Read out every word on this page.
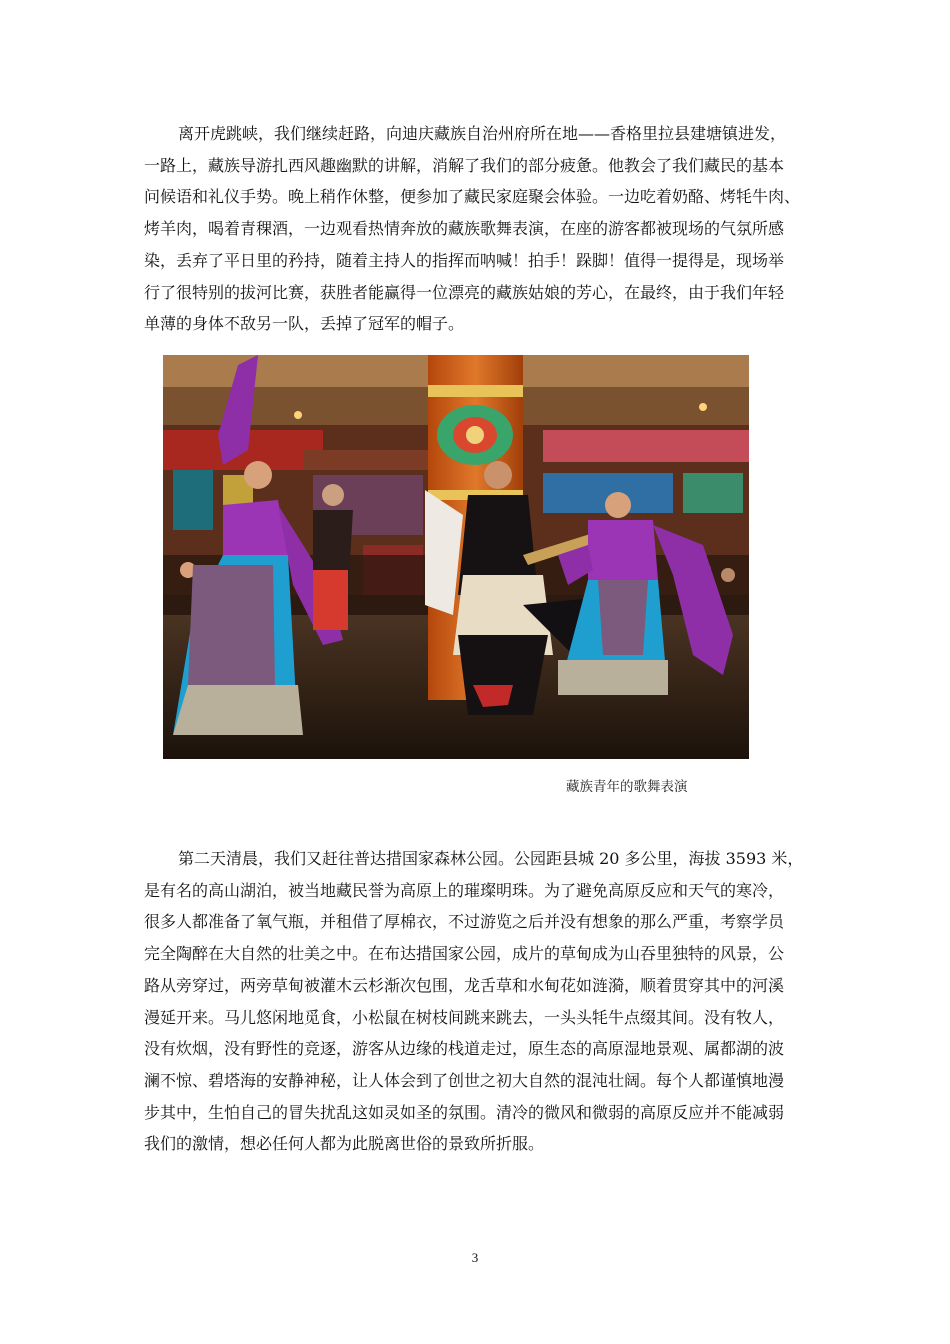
离开虎跳峡，我们继续赶路，向迪庆藏族自治州府所在地——香格里拉县建塘镇进发，
一路上，藏族导游扎西风趣幽默的讲解，消解了我们的部分疲惫。他教会了我们藏民的基本
问候语和礼仪手势。晚上稍作休整，便参加了藏民家庭聚会体验。一边吃着奶酪、烤牦牛肉、
烤羊肉，喝着青稞酒，一边观看热情奔放的藏族歌舞表演，在座的游客都被现场的气氛所感
染，丢弃了平日里的矜持，随着主持人的指挥而呐喊！拍手！跺脚！值得一提得是，现场举
行了很特别的拔河比赛，获胜者能赢得一位漂亮的藏族姑娘的芳心，在最终，由于我们年轻
单薄的身体不敌另一队，丢掉了冠军的帽子。

藏族青年的歌舞表演

第二天清晨，我们又赶往普达措国家森林公园。公园距县城 20 多公里，海拔 3593 米，
是有名的高山湖泊，被当地藏民誉为高原上的璀璨明珠。为了避免高原反应和天气的寒冷，
很多人都准备了氧气瓶，并租借了厚棉衣，不过游览之后并没有想象的那么严重，考察学员
完全陶醉在大自然的壮美之中。在布达措国家公园，成片的草甸成为山吞里独特的风景，公
路从旁穿过，两旁草甸被灌木云杉渐次包围，龙舌草和水甸花如涟漪，顺着贯穿其中的河溪
漫延开来。马儿悠闲地觅食，小松鼠在树枝间跳来跳去，一头头牦牛点缀其间。没有牧人，
没有炊烟，没有野性的竞逐，游客从边缘的栈道走过，原生态的高原湿地景观、属都湖的波
澜不惊、碧塔海的安静神秘，让人体会到了创世之初大自然的混沌壮阔。每个人都谨慎地漫
步其中，生怕自己的冒失扰乱这如灵如圣的氛围。清冷的微风和微弱的高原反应并不能减弱
我们的激情，想必任何人都为此脱离世俗的景致所折服。

3
